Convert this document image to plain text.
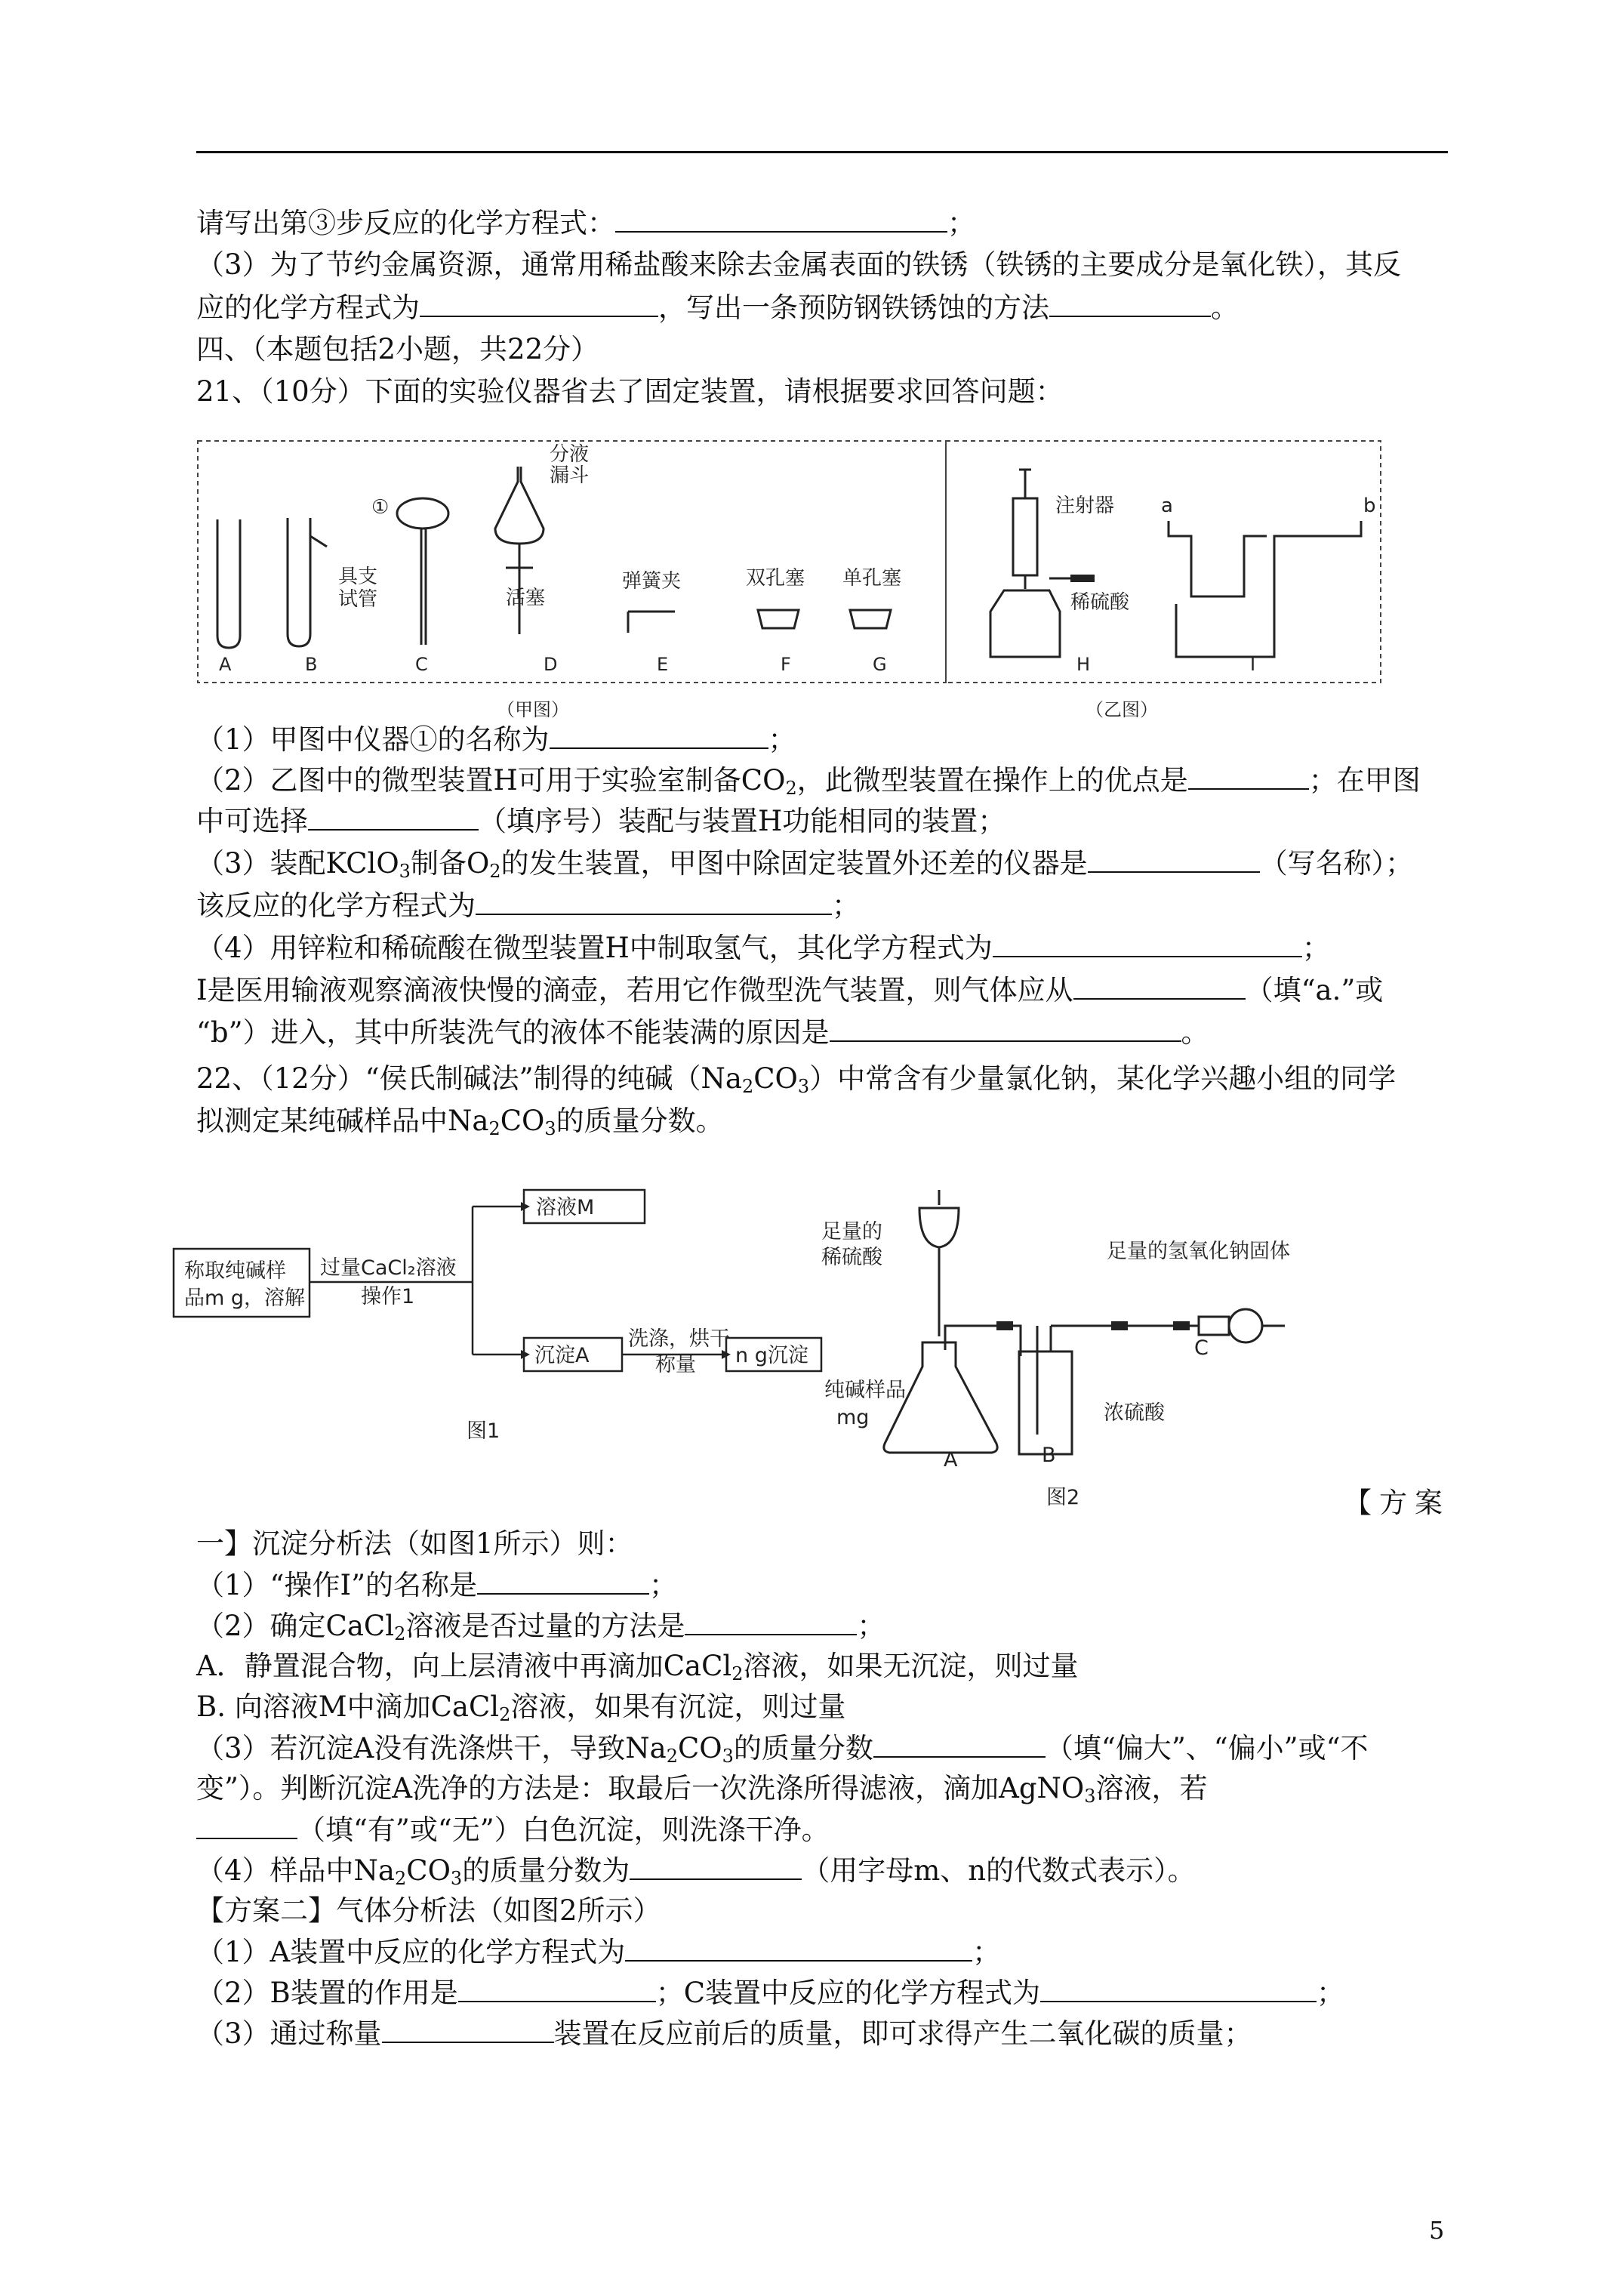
请写出第③步反应的化学方程式：	；
（3）为了节约金属资源，通常用稀盐酸来除去金属表面的铁锈（铁锈的主要成分是氧化铁），其反
应的化学方程式为	，写出一条预防钢铁锈蚀的方法	。
四、（本题包括2小题，共22分）
21、（10分）下面的实验仪器省去了固定装置，请根据要求回答问题：
分液
漏斗
①
具支
试管	活塞
弹簧夹	双孔塞 单孔塞
注射器
稀硫酸
a	b
A	B	C	D	E	F	G	H	I
（甲图）	（乙图）
（1）甲图中仪器①的名称为	；
（2）乙图中的微型装置H可用于实验室制备$CO_2$，此微型装置在操作上的优点是	；在甲图
中可选择	（填序号）装配与装置H功能相同的装置；
（3）装配KClO$_3$制备$O_2$的发生装置，甲图中除固定装置外还差的仪器是	（写名称）；
该反应的化学方程式为	；
（4）用锌粒和稀硫酸在微型装置H中制取氢气，其化学方程式为	；
I是医用输液观察滴液快慢的滴壶，若用它作微型洗气装置，则气体应从	（填“a.”或
“b”）进入，其中所装洗气的液体不能装满的原因是	。
22、（12分）“侯氏制碱法”制得的纯碱$(Na_2CO_3)$中常含有少量氯化钠，某化学兴趣小组的同学
拟测定某纯碱样品中$Na_2CO_3$的质量分数。
称取纯碱样
品m g，溶解
过量CaCl₂溶液
操作1
溶液M
沉淀A
洗涤，烘干
称量 n g沉淀
图1
足量的
稀硫酸	足量的氢氧化钠固体
纯碱样品
mg	浓硫酸
A	B
C
图2	【方案
一】沉淀分析法（如图1所示）则：
（1）“操作Ⅰ”的名称是	；
（2）确定CaCl$_2$溶液是否过量的方法是	；
A．静置混合物，向上层清液中再滴加CaCl$_2$溶液，如果无沉淀，则过量
B. 向溶液M中滴加CaCl$_2$溶液，如果有沉淀，则过量
（3）若沉淀A没有洗涤烘干，导致$Na_2CO_3$的质量分数	（填“偏大”、“偏小”或“不
变”）。判断沉淀A洗净的方法是：取最后一次洗涤所得滤液，滴加AgNO$_3$溶液，若
（填“有”或“无”）白色沉淀，则洗涤干净。
（4）样品中$Na_2CO_3$的质量分数为	（用字母m、n的代数式表示）。
【方案二】气体分析法（如图2所示）
（1）A装置中反应的化学方程式为	；
（2）B装置的作用是	；C装置中反应的化学方程式为	；
（3）通过称量	装置在反应前后的质量，即可求得产生二氧化碳的质量；
5
